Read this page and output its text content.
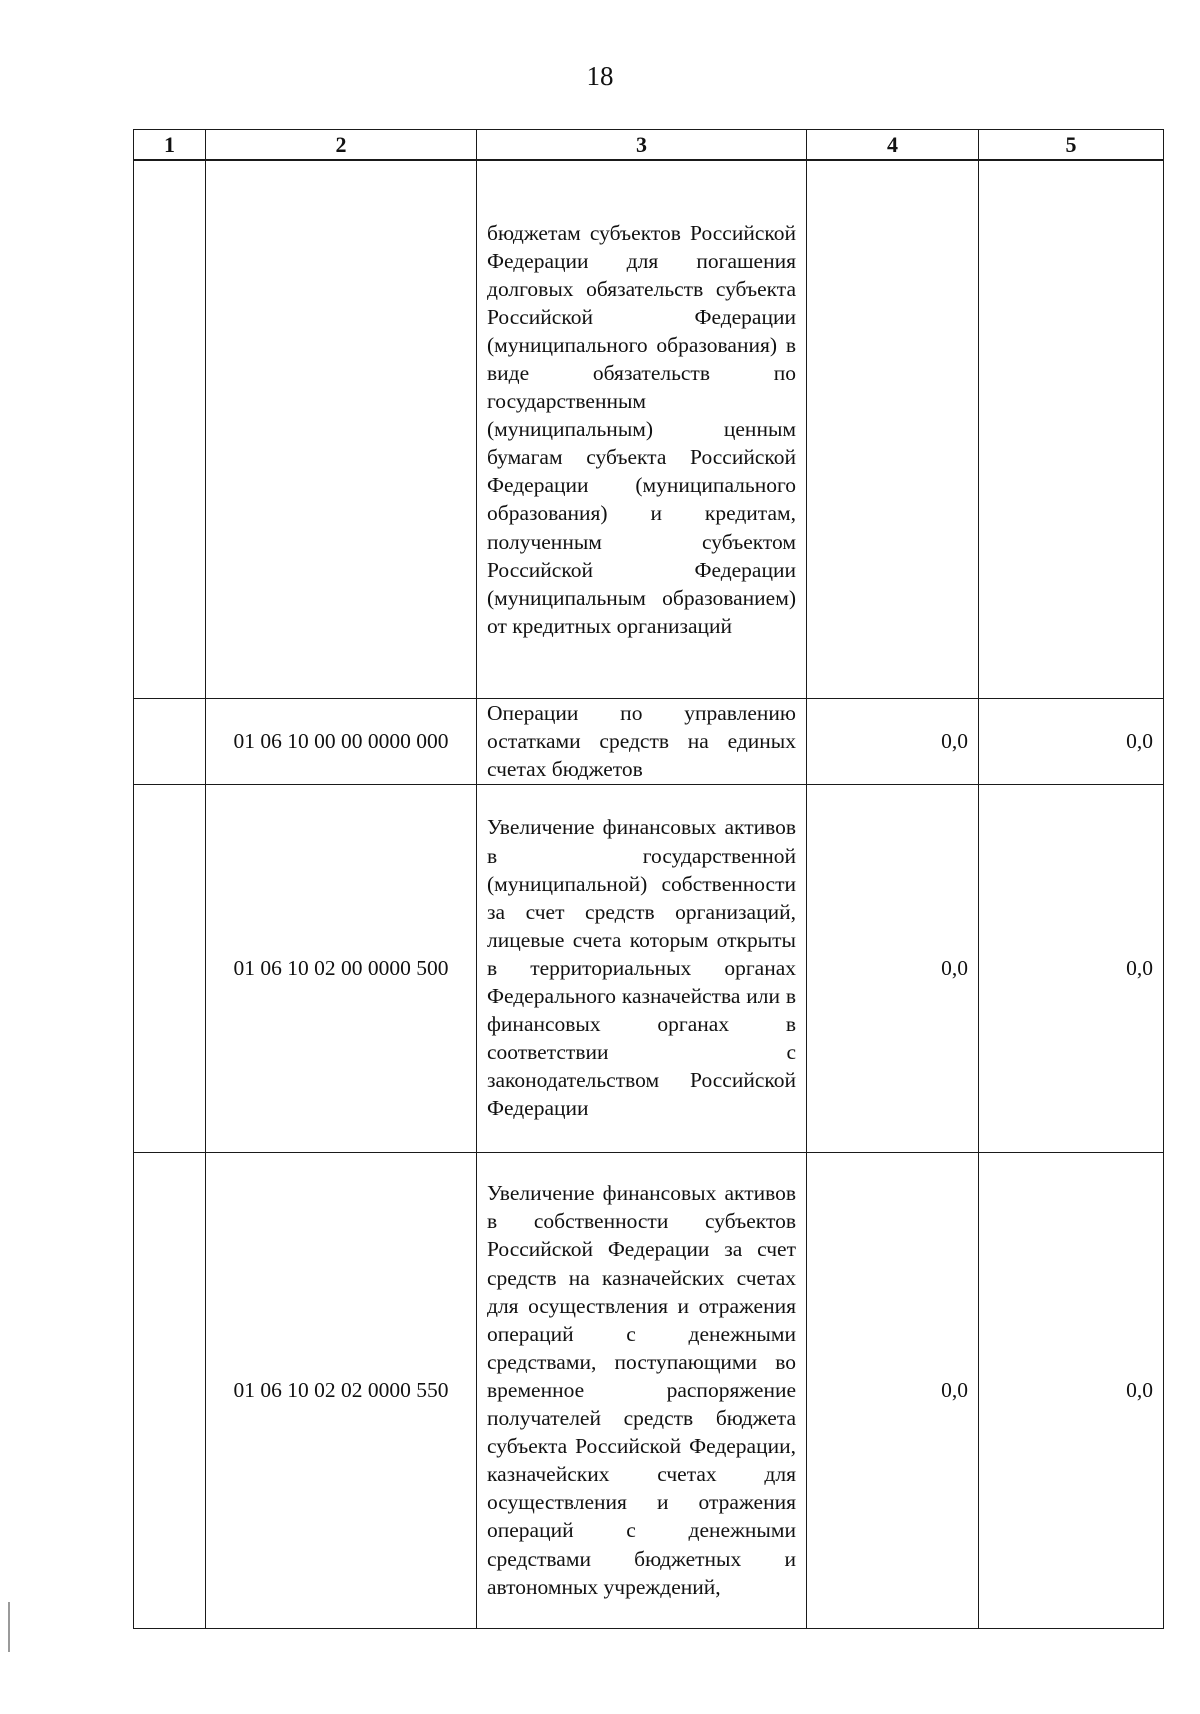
18
1	2	3	4	5

		бюджетам субъектов Российской Федерации для погашения долговых обязательств субъекта Российской Федерации (муниципального образования) в виде обязательств по государственным (муниципальным) ценным бумагам субъекта Российской Федерации (муниципального образования) и кредитам, полученным субъектом Российской Федерации (муниципальным образованием) от кредитных организаций		

	01 06 10 00 00 0000 000	Операции по управлению остатками средств на единых счетах бюджетов	0,0	0,0
	01 06 10 02 00 0000 500	Увеличение финансовых активов в государственной (муниципальной) собственности за счет средств организаций, лицевые счета которым открыты в территориальных органах Федерального казначейства или в финансовых органах в соответствии с законодательством Российской Федерации	0,0	0,0
	01 06 10 02 02 0000 550	Увеличение финансовых активов в собственности субъектов Российской Федерации за счет средств на казначейских счетах для осуществления и отражения операций с денежными средствами, поступающими во временное распоряжение получателей средств бюджета субъекта Российской Федерации, казначейских счетах для осуществления и отражения операций с денежными средствами бюджетных и автономных учреждений,	0,0	0,0
